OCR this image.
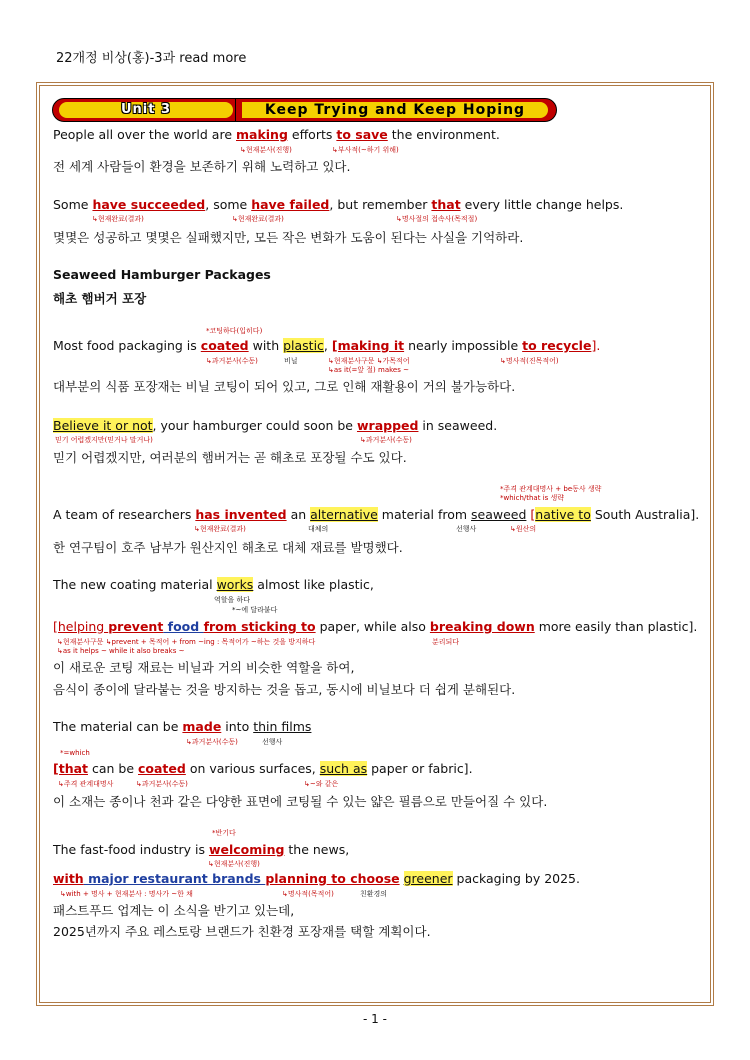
22개정 비상(홍)-3과 read more
Unit 3	Keep Trying and Keep Hoping
People all over the world are making efforts to save the environment.
↳현재분사(진행)	↳부사적(~하기 위해)
전 세계 사람들이 환경을 보존하기 위해 노력하고 있다.
Some have succeeded, some have failed, but remember that every little change helps.
↳현재완료(결과)	↳현재완료(결과)	↳명사절의 접속사(목적절)
몇몇은 성공하고 몇몇은 실패했지만, 모든 작은 변화가 도움이 된다는 사실을 기억하라.
Seaweed Hamburger Packages
해초 햄버거 포장
*코팅하다(입히다)
Most food packaging is coated with plastic, [making it nearly impossible to recycle].
↳과거분사(수동)	비닐	↳현재분사구문 ↳가목적어
↳as it(=앞 절) makes ~
↳명사적(진목적어)
대부분의 식품 포장재는 비닐 코팅이 되어 있고, 그로 인해 재활용이 거의 불가능하다.
Believe it or not, your hamburger could soon be wrapped in seaweed.
믿기 어렵겠지만(믿거나 말거나)	↳과거분사(수동)
믿기 어렵겠지만, 여러분의 햄버거는 곧 해초로 포장될 수도 있다.
*주격 관계대명사 + be동사 생략
*which/that is 생략
A team of researchers has invented an alternative material from seaweed [native to South Australia].
↳현재완료(결과)	대체의	선행사	↳원산의
한 연구팀이 호주 남부가 원산지인 해초로 대체 재료를 발명했다.
The new coating material works almost like plastic,
역할을 하다
*~에 달라붙다
[helping prevent food from sticking to paper, while also breaking down more easily than plastic].
↳현재분사구문 ↳prevent + 목적어 + from ~ing : 목적어가 ~하는 것을 방지하다
↳as it helps ~ while it also breaks ~
분리되다
이 새로운 코팅 재료는 비닐과 거의 비슷한 역할을 하여,
음식이 종이에 달라붙는 것을 방지하는 것을 돕고, 동시에 비닐보다 더 쉽게 분해된다.
The material can be made into thin films
↳과거분사(수동)	선행사
*=which
[that can be coated on various surfaces, such as paper or fabric].
↳주격 관계대명사	↳과거분사(수동)	↳~와 같은
이 소재는 종이나 천과 같은 다양한 표면에 코팅될 수 있는 얇은 필름으로 만들어질 수 있다.
*반기다
The fast-food industry is welcoming the news,
↳현재분사(진행)
with major restaurant brands planning to choose greener packaging by 2025.
↳with + 명사 + 현재분사 : 명사가 ~한 채	↳명사적(목적어)	친환경의
패스트푸드 업계는 이 소식을 반기고 있는데,
2025년까지 주요 레스토랑 브랜드가 친환경 포장재를 택할 계획이다.
- 1 -
